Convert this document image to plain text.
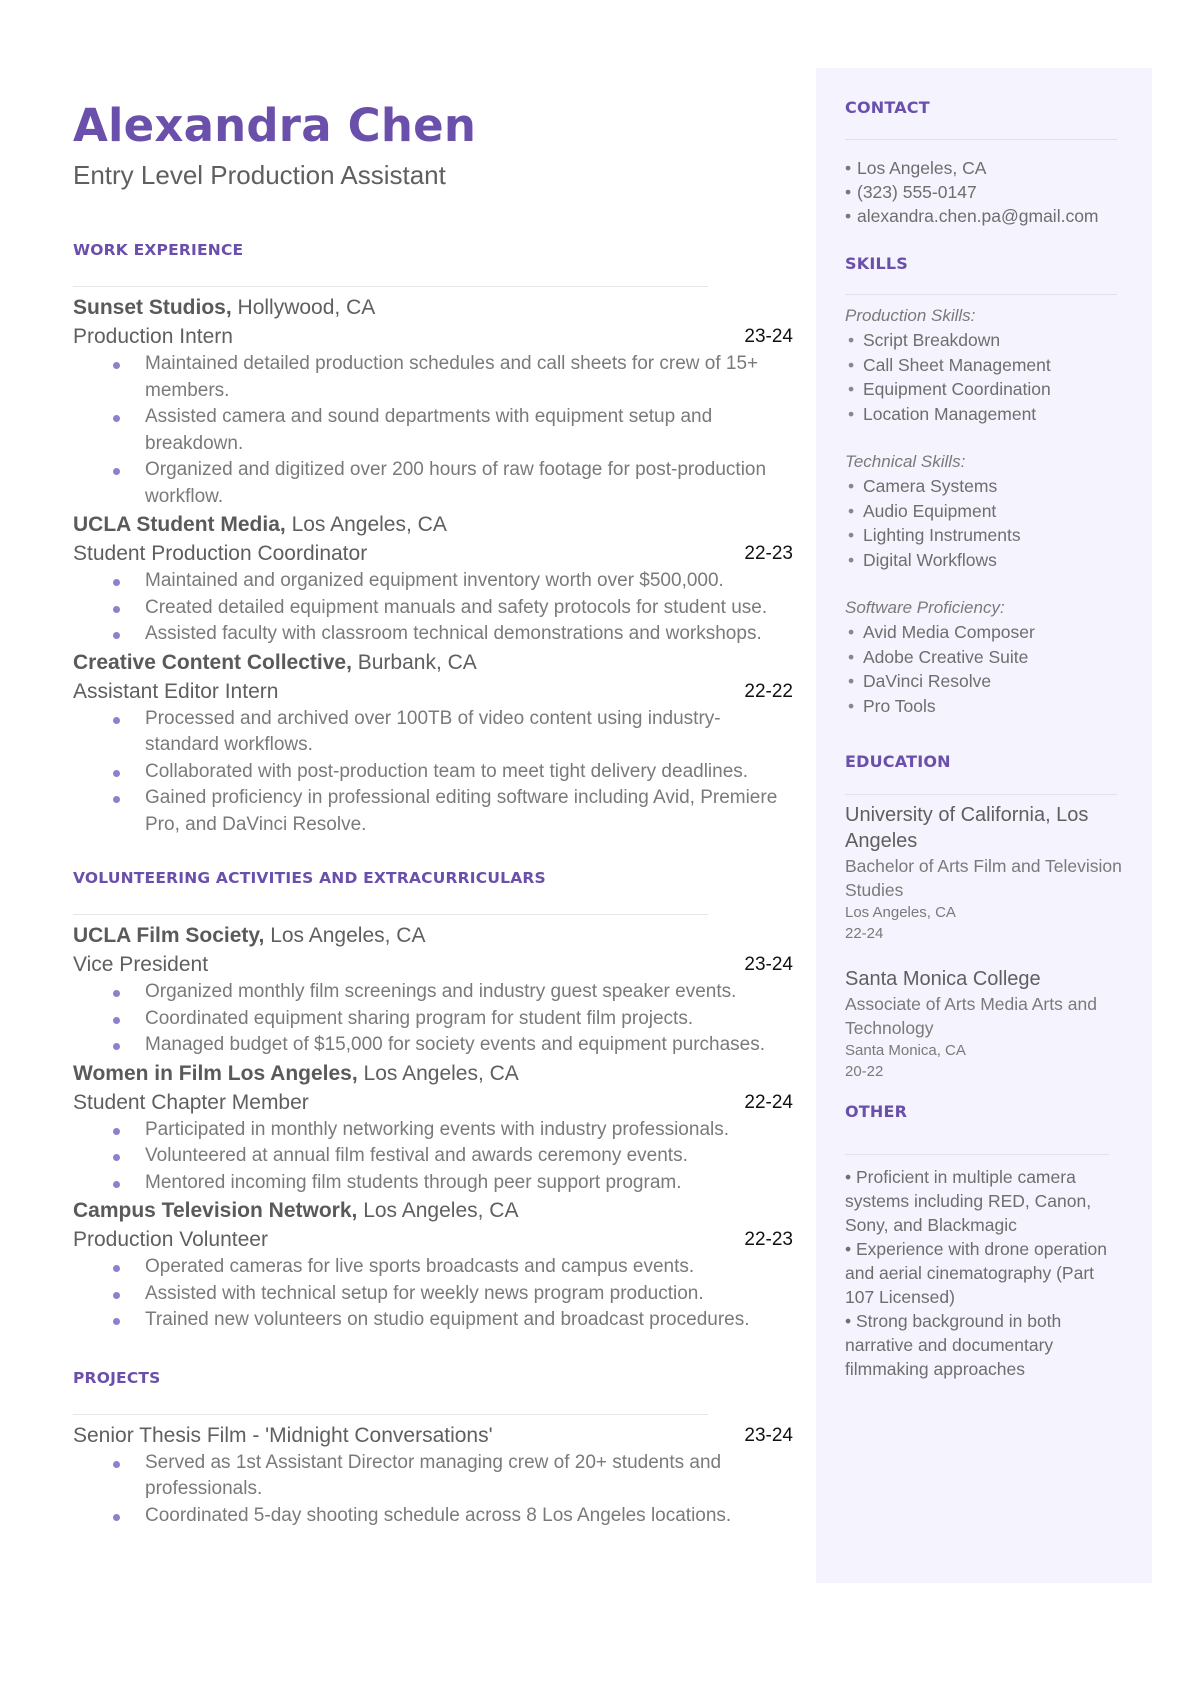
Alexandra Chen
Entry Level Production Assistant
WORK EXPERIENCE
Sunset Studios, Hollywood, CA
Production Intern	23-24
Maintained detailed production schedules and call sheets for crew of 15+ members.
Assisted camera and sound departments with equipment setup and breakdown.
Organized and digitized over 200 hours of raw footage for post-production workflow.
UCLA Student Media, Los Angeles, CA
Student Production Coordinator	22-23
Maintained and organized equipment inventory worth over $500,000.
Created detailed equipment manuals and safety protocols for student use.
Assisted faculty with classroom technical demonstrations and workshops.
Creative Content Collective, Burbank, CA
Assistant Editor Intern	22-22
Processed and archived over 100TB of video content using industry-standard workflows.
Collaborated with post-production team to meet tight delivery deadlines.
Gained proficiency in professional editing software including Avid, Premiere Pro, and DaVinci Resolve.
VOLUNTEERING ACTIVITIES AND EXTRACURRICULARS
UCLA Film Society, Los Angeles, CA
Vice President	23-24
Organized monthly film screenings and industry guest speaker events.
Coordinated equipment sharing program for student film projects.
Managed budget of $15,000 for society events and equipment purchases.
Women in Film Los Angeles, Los Angeles, CA
Student Chapter Member	22-24
Participated in monthly networking events with industry professionals.
Volunteered at annual film festival and awards ceremony events.
Mentored incoming film students through peer support program.
Campus Television Network, Los Angeles, CA
Production Volunteer	22-23
Operated cameras for live sports broadcasts and campus events.
Assisted with technical setup for weekly news program production.
Trained new volunteers on studio equipment and broadcast procedures.
PROJECTS
Senior Thesis Film - 'Midnight Conversations'	23-24
Served as 1st Assistant Director managing crew of 20+ students and professionals.
Coordinated 5-day shooting schedule across 8 Los Angeles locations.
CONTACT
• Los Angeles, CA
• (323) 555-0147
• alexandra.chen.pa@gmail.com
SKILLS
Production Skills:
• Script Breakdown
• Call Sheet Management
• Equipment Coordination
• Location Management
Technical Skills:
• Camera Systems
• Audio Equipment
• Lighting Instruments
• Digital Workflows
Software Proficiency:
• Avid Media Composer
• Adobe Creative Suite
• DaVinci Resolve
• Pro Tools
EDUCATION
University of California, Los Angeles
Bachelor of Arts Film and Television Studies
Los Angeles, CA
22-24
Santa Monica College
Associate of Arts Media Arts and Technology
Santa Monica, CA
20-22
OTHER
• Proficient in multiple camera systems including RED, Canon, Sony, and Blackmagic
• Experience with drone operation and aerial cinematography (Part 107 Licensed)
• Strong background in both narrative and documentary filmmaking approaches
